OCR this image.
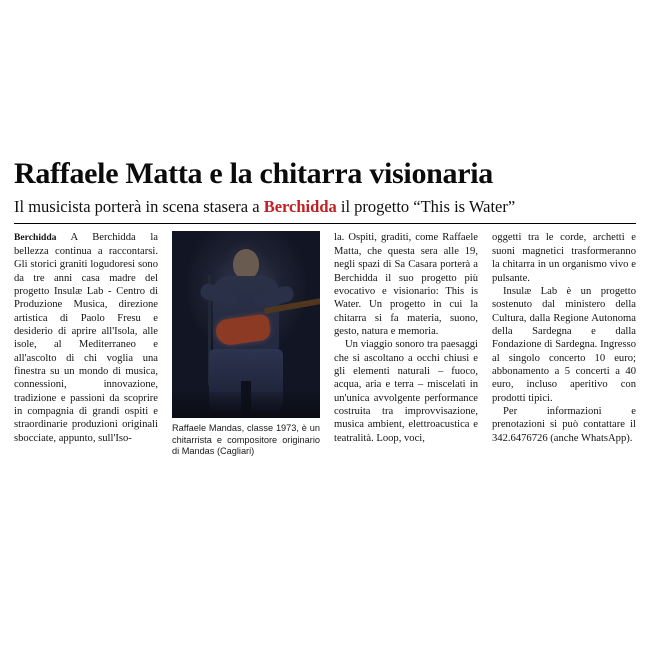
Raffaele Matta e la chitarra visionaria
Il musicista porterà in scena stasera a Berchidda il progetto “This is Water”

Berchidda A Berchidda la bellezza continua a raccontarsi. Gli storici graniti logudoresi sono da tre anni casa madre del progetto Insulæ Lab - Centro di Produzione Musica, direzione artistica di Paolo Fresu e desiderio di aprire all'Isola, alle isole, al Mediterraneo e all'ascolto di chi voglia una finestra su un mondo di musica, connessioni, innovazione, tradizione e passioni da scoprire in compagnia di grandi ospiti e straordinarie produzioni originali sbocciate, appunto, sull'Iso-

Raffaele Mandas, classe 1973, è un chitarrista e compositore originario di Mandas (Cagliari)

la. Ospiti, graditi, come Raffaele Matta, che questa sera alle 19, negli spazi di Sa Casara porterà a Berchidda il suo progetto più evocativo e visionario: This is Water. Un progetto in cui la chitarra si fa materia, suono, gesto, natura e memoria.

Un viaggio sonoro tra paesaggi che si ascoltano a occhi chiusi e gli elementi naturali – fuoco, acqua, aria e terra – miscelati in un'unica avvolgente performance costruita tra improvvisazione, musica ambient, elettroacustica e teatralità. Loop, voci,

oggetti tra le corde, archetti e suoni magnetici trasformeranno la chitarra in un organismo vivo e pulsante.

Insulæ Lab è un progetto sostenuto dal ministero della Cultura, dalla Regione Autonoma della Sardegna e dalla Fondazione di Sardegna. Ingresso al singolo concerto 10 euro; abbonamento a 5 concerti a 40 euro, incluso aperitivo con prodotti tipici.

Per informazioni e prenotazioni si può contattare il 342.6476726 (anche WhatsApp).
